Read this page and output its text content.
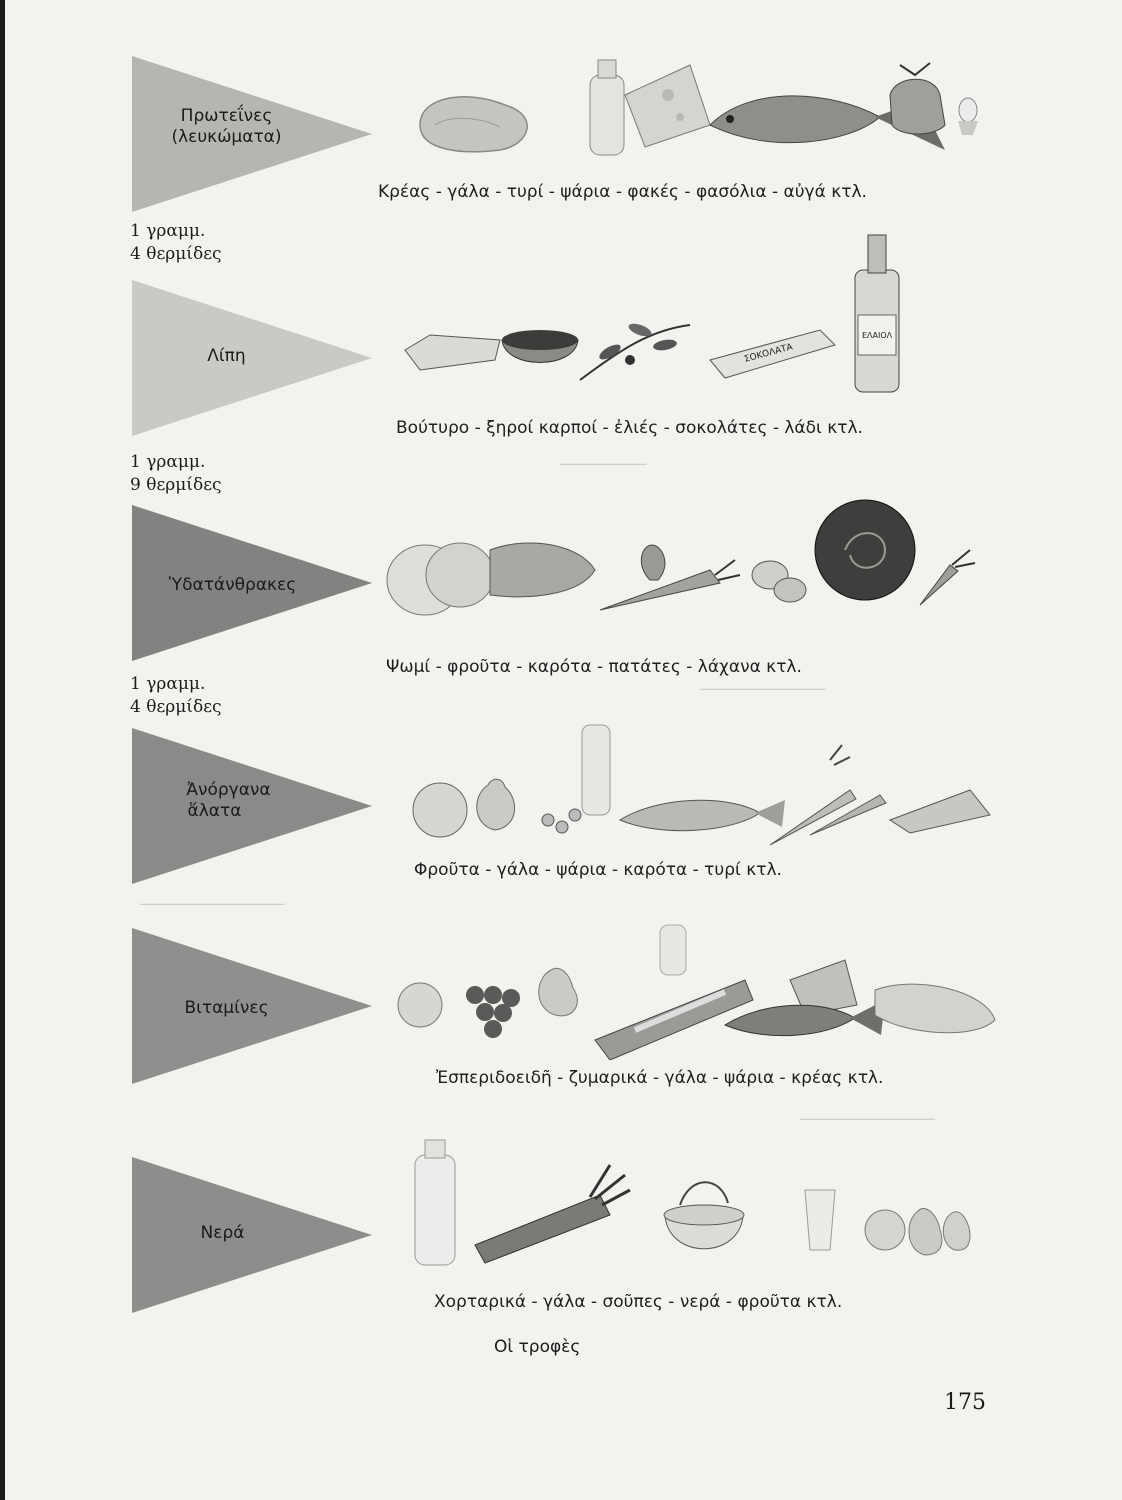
─────────
─────────────
───────────────
──────────────
Πρωτεΐνες
(λευκώματα)
Κρέας - γάλα - τυρί - ψάρια - φακές - φασόλια - αὐγά κτλ.
1 γραμμ.
4 θερμίδες
Λίπη	ΣΟΚΟΛΑΤΑ
ΕΛΑΙΟΛ
Βούτυρο - ξηροί καρποί - ἐλιές - σοκολάτες - λάδι κτλ.
1 γραμμ.
9 θερμίδες
Ὑδατάνθρακες
Ψωμί - φροῦτα - καρότα - πατάτες - λάχανα κτλ.
1 γραμμ.
4 θερμίδες
Ἀνόργανα
ἅλατα
Φροῦτα - γάλα - ψάρια - καρότα - τυρί κτλ.
Βιταμίνες
Ἐσπεριδοειδῆ - ζυμαρικά - γάλα - ψάρια - κρέας κτλ.
Νερά
Χορταρικά - γάλα - σοῦπες - νερά - φροῦτα κτλ.
Οἱ τροφὲς
175
